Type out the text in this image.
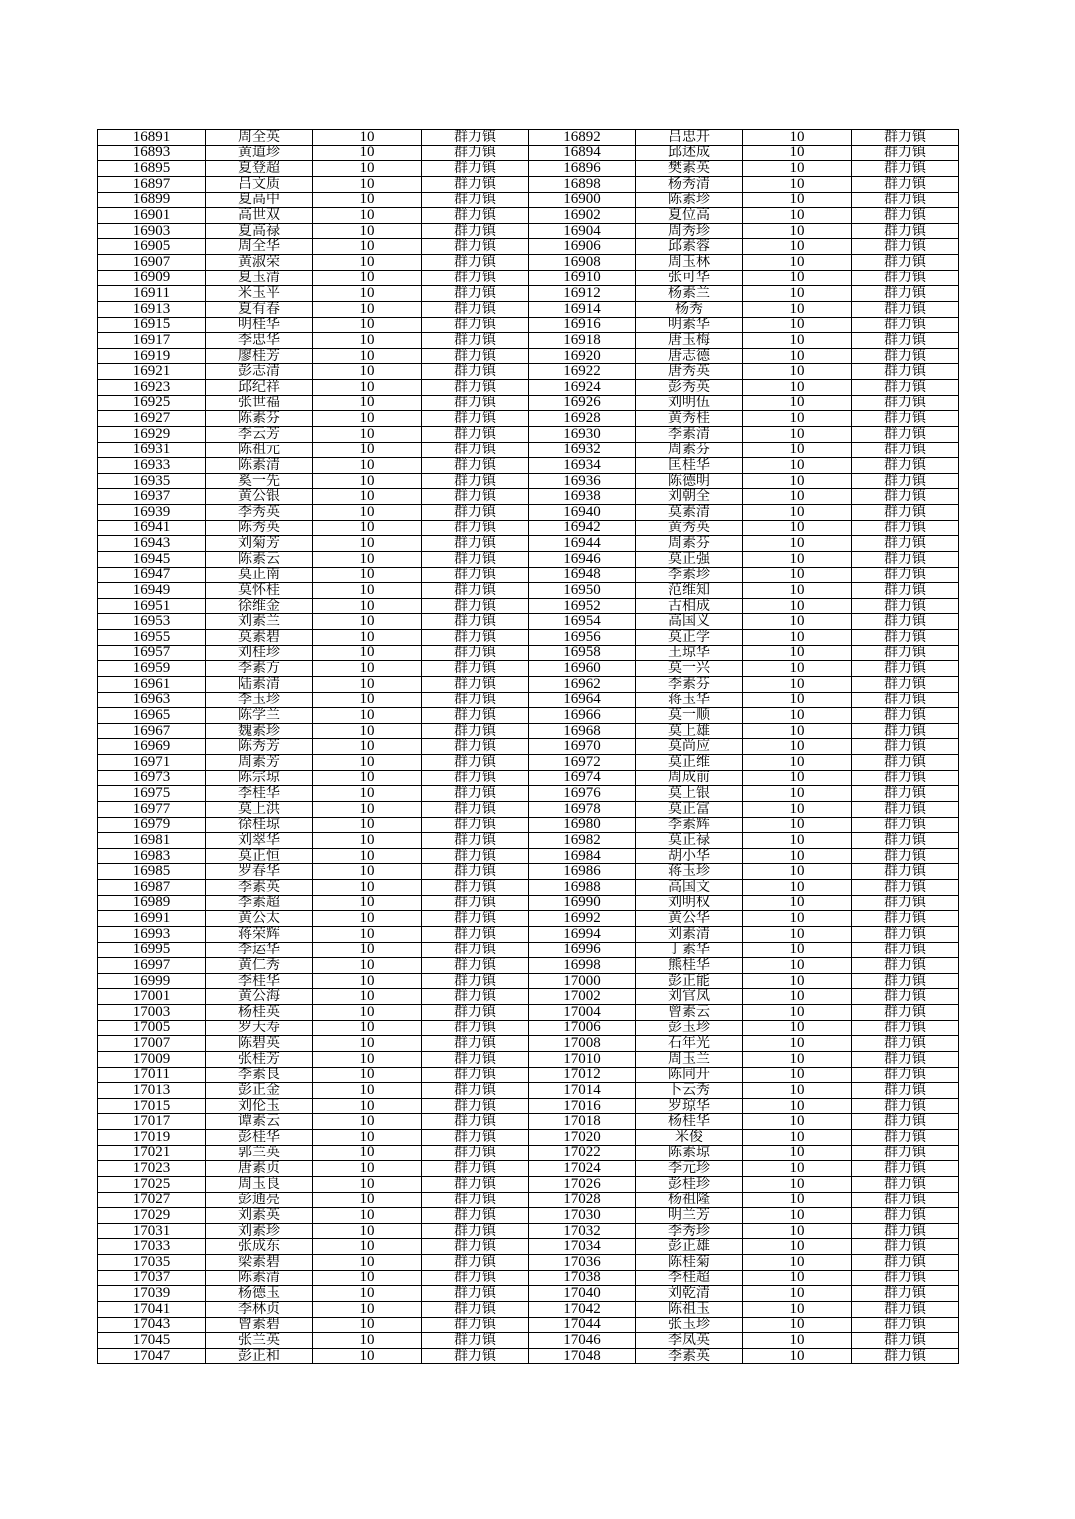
16891	周全英	10	群力镇	16892	吕忠开	10	群力镇
16893	黄道珍	10	群力镇	16894	邱述成	10	群力镇
16895	夏登超	10	群力镇	16896	樊素英	10	群力镇
16897	吕文质	10	群力镇	16898	杨秀清	10	群力镇
16899	夏高中	10	群力镇	16900	陈素珍	10	群力镇
16901	高世双	10	群力镇	16902	夏位高	10	群力镇
16903	夏高禄	10	群力镇	16904	周秀珍	10	群力镇
16905	周全华	10	群力镇	16906	邱素蓉	10	群力镇
16907	黄淑荣	10	群力镇	16908	周玉林	10	群力镇
16909	夏玉清	10	群力镇	16910	张可华	10	群力镇
16911	米玉平	10	群力镇	16912	杨素兰	10	群力镇
16913	夏有春	10	群力镇	16914	杨秀	10	群力镇
16915	明桂华	10	群力镇	16916	明素华	10	群力镇
16917	李忠华	10	群力镇	16918	唐玉梅	10	群力镇
16919	廖桂芳	10	群力镇	16920	唐志德	10	群力镇
16921	彭志清	10	群力镇	16922	唐秀英	10	群力镇
16923	邱纪祥	10	群力镇	16924	彭秀英	10	群力镇
16925	张世福	10	群力镇	16926	刘明伍	10	群力镇
16927	陈素芬	10	群力镇	16928	黄秀桂	10	群力镇
16929	李云芳	10	群力镇	16930	李素清	10	群力镇
16931	陈祖元	10	群力镇	16932	周素芬	10	群力镇
16933	陈素清	10	群力镇	16934	匡桂华	10	群力镇
16935	奚一先	10	群力镇	16936	陈德明	10	群力镇
16937	黄公银	10	群力镇	16938	刘朝全	10	群力镇
16939	李秀英	10	群力镇	16940	莫素清	10	群力镇
16941	陈秀英	10	群力镇	16942	黄秀英	10	群力镇
16943	刘菊芳	10	群力镇	16944	周素芬	10	群力镇
16945	陈素云	10	群力镇	16946	莫正强	10	群力镇
16947	莫正南	10	群力镇	16948	李素珍	10	群力镇
16949	莫怀桂	10	群力镇	16950	范维知	10	群力镇
16951	徐维金	10	群力镇	16952	古相成	10	群力镇
16953	刘素兰	10	群力镇	16954	高国义	10	群力镇
16955	莫素碧	10	群力镇	16956	莫正学	10	群力镇
16957	刘桂珍	10	群力镇	16958	王琼华	10	群力镇
16959	李素方	10	群力镇	16960	莫一兴	10	群力镇
16961	陆素清	10	群力镇	16962	李素芬	10	群力镇
16963	李玉珍	10	群力镇	16964	蒋玉华	10	群力镇
16965	陈学兰	10	群力镇	16966	莫一顺	10	群力镇
16967	魏素珍	10	群力镇	16968	莫上雄	10	群力镇
16969	陈秀芳	10	群力镇	16970	莫尚应	10	群力镇
16971	周素芳	10	群力镇	16972	莫正维	10	群力镇
16973	陈宗琼	10	群力镇	16974	周成前	10	群力镇
16975	李桂华	10	群力镇	16976	莫上银	10	群力镇
16977	莫上洪	10	群力镇	16978	莫正富	10	群力镇
16979	徐桂琼	10	群力镇	16980	李素辉	10	群力镇
16981	刘翠华	10	群力镇	16982	莫正禄	10	群力镇
16983	莫正恒	10	群力镇	16984	胡小华	10	群力镇
16985	罗春华	10	群力镇	16986	蒋玉珍	10	群力镇
16987	李素英	10	群力镇	16988	高国文	10	群力镇
16989	李素超	10	群力镇	16990	刘明权	10	群力镇
16991	黄公太	10	群力镇	16992	黄公华	10	群力镇
16993	蒋荣辉	10	群力镇	16994	刘素清	10	群力镇
16995	李运华	10	群力镇	16996	丁素华	10	群力镇
16997	黄仁秀	10	群力镇	16998	熊桂华	10	群力镇
16999	李桂华	10	群力镇	17000	彭正能	10	群力镇
17001	黄公海	10	群力镇	17002	刘官凤	10	群力镇
17003	杨桂英	10	群力镇	17004	曾素云	10	群力镇
17005	罗天寿	10	群力镇	17006	彭玉珍	10	群力镇
17007	陈碧英	10	群力镇	17008	石年光	10	群力镇
17009	张桂芳	10	群力镇	17010	周玉兰	10	群力镇
17011	李素良	10	群力镇	17012	陈同开	10	群力镇
17013	彭正金	10	群力镇	17014	卜云秀	10	群力镇
17015	刘伦玉	10	群力镇	17016	罗琼华	10	群力镇
17017	谭素云	10	群力镇	17018	杨桂华	10	群力镇
17019	彭桂华	10	群力镇	17020	米俊	10	群力镇
17021	郭兰英	10	群力镇	17022	陈素琼	10	群力镇
17023	唐素贞	10	群力镇	17024	李元珍	10	群力镇
17025	周玉良	10	群力镇	17026	彭桂珍	10	群力镇
17027	彭通亮	10	群力镇	17028	杨祖隆	10	群力镇
17029	刘素英	10	群力镇	17030	明兰芳	10	群力镇
17031	刘素珍	10	群力镇	17032	李秀珍	10	群力镇
17033	张成东	10	群力镇	17034	彭正雄	10	群力镇
17035	梁素碧	10	群力镇	17036	陈桂菊	10	群力镇
17037	陈素清	10	群力镇	17038	李桂超	10	群力镇
17039	杨德玉	10	群力镇	17040	刘乾清	10	群力镇
17041	李林贞	10	群力镇	17042	陈祖玉	10	群力镇
17043	曾素碧	10	群力镇	17044	张玉珍	10	群力镇
17045	张兰英	10	群力镇	17046	李凤英	10	群力镇
17047	彭正和	10	群力镇	17048	李素英	10	群力镇
